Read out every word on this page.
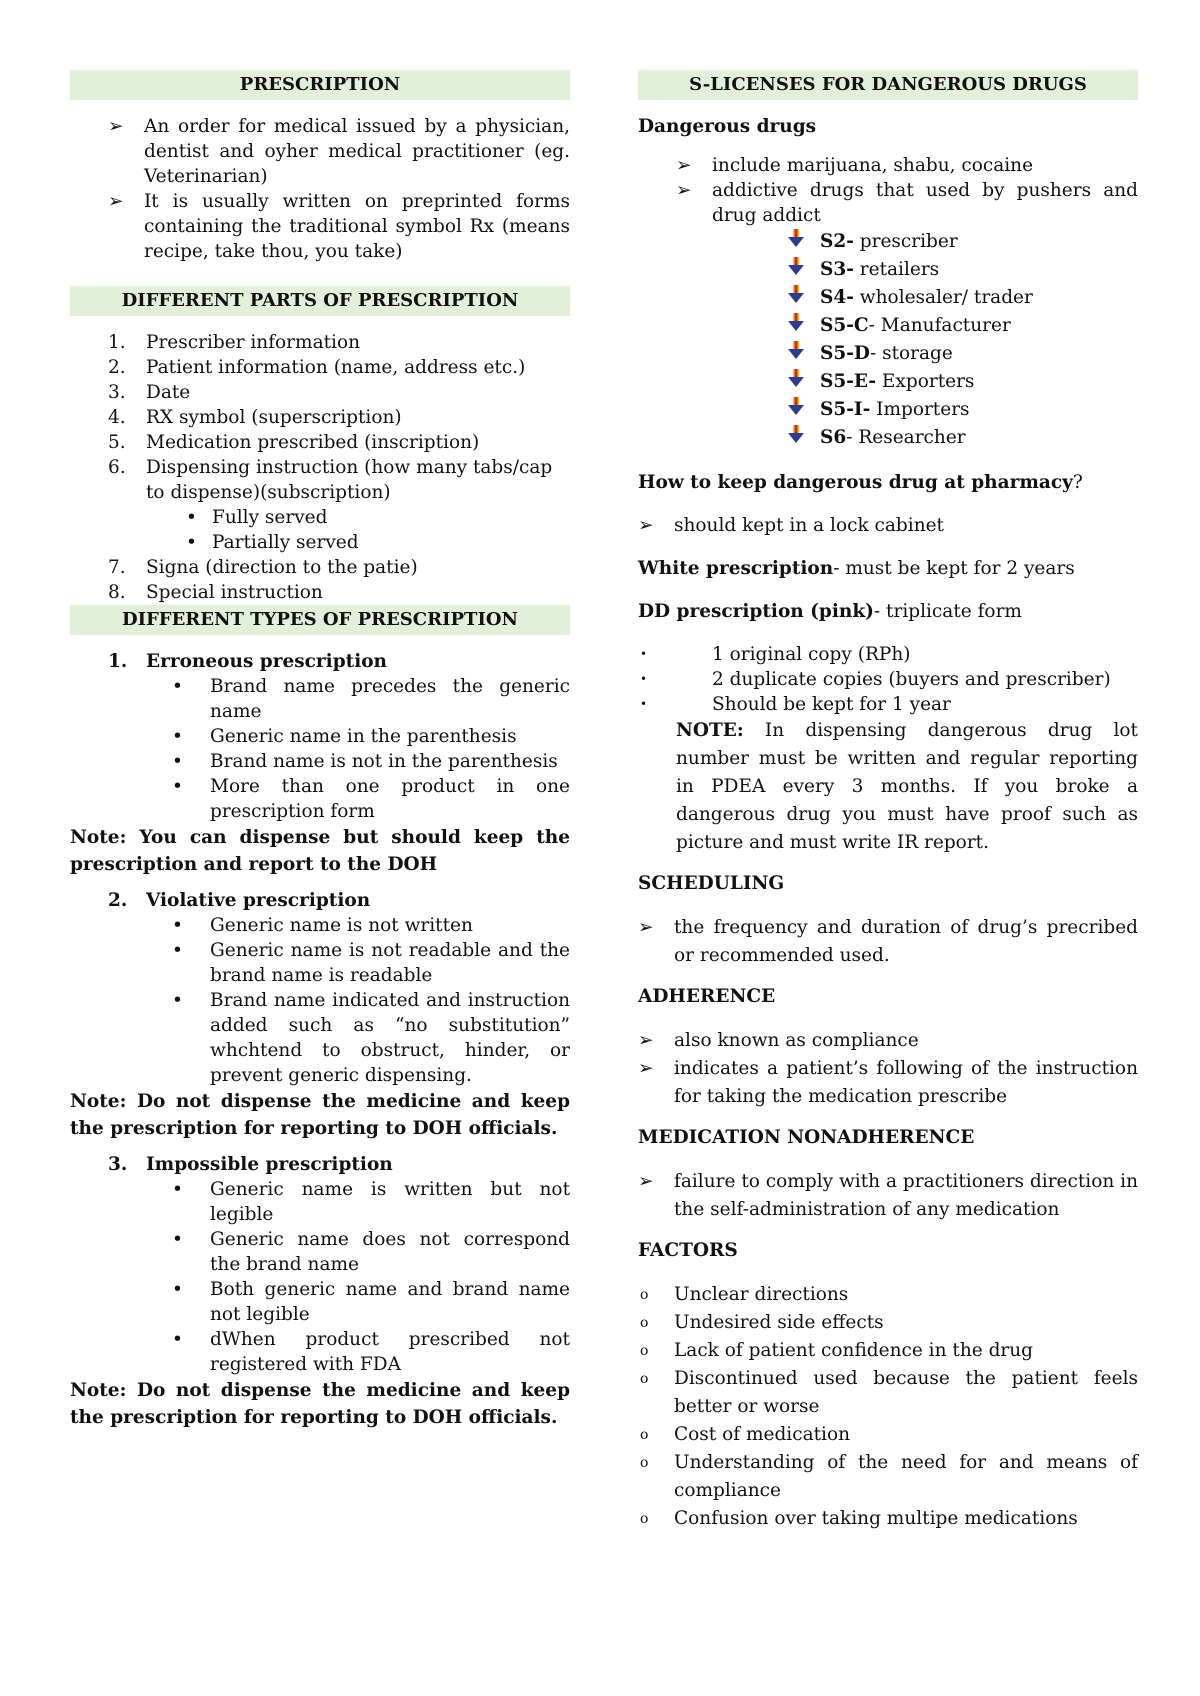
PRESCRIPTION
➢ An order for medical issued by a physician, dentist and oyher medical practitioner (eg. Veterinarian)
➢ It is usually written on preprinted forms containing the traditional symbol Rx (means recipe, take thou, you take)
DIFFERENT PARTS OF PRESCRIPTION
1.	Prescriber information
2.	Patient information (name, address etc.)
3.	Date
4.	RX symbol (superscription)
5.	Medication prescribed (inscription)
6.	Dispensing instruction (how many tabs/cap to dispense)(subscription)
• Fully served
• Partially served
7.	Signa (direction to the patie)
8.	Special instruction
DIFFERENT TYPES OF PRESCRIPTION
1.	Erroneous prescription
• Brand name precedes the generic name
• Generic name in the parenthesis
• Brand name is not in the parenthesis
• More than one product in one prescription form

Note: You can dispense but should keep the prescription and report to the DOH

2.	Violative prescription
• Generic name is not written
• Generic name is not readable and the brand name is readable
• Brand name indicated and instruction added such as “no substitution” whchtend to obstruct, hinder, or prevent generic dispensing.

Note: Do not dispense the medicine and keep the prescription for reporting to DOH officials.

3.	Impossible prescription
• Generic name is written but not legible
• Generic name does not correspond the brand name
• Both generic name and brand name not legible
• dWhen product prescribed not registered with FDA

Note: Do not dispense the medicine and keep the prescription for reporting to DOH officials.

S-LICENSES FOR DANGEROUS DRUGS

Dangerous drugs

➢ include marijuana, shabu, cocaine
➢ addictive drugs that used by pushers and drug addict
S2- prescriber
S3- retailers
S4- wholesaler/ trader
S5-C- Manufacturer
S5-D- storage
S5-E- Exporters
S5-I- Importers
S6- Researcher

How to keep dangerous drug at pharmacy?

➢ should kept in a lock cabinet

White prescription- must be kept for 2 years

DD prescription (pink)- triplicate form

•	1 original copy (RPh)
•	2 duplicate copies (buyers and prescriber)
•	Should be kept for 1 year

NOTE: In dispensing dangerous drug lot number must be written and regular reporting in PDEA every 3 months. If you broke a dangerous drug you must have proof such as picture and must write IR report.

SCHEDULING

➢ the frequency and duration of drug’s precribed or recommended used.

ADHERENCE

➢ also known as compliance
➢ indicates a patient’s following of the instruction for taking the medication prescribe

MEDICATION NONADHERENCE

➢ failure to comply with a practitioners direction in the self-administration of any medication

FACTORS

o Unclear directions
o Undesired side effects
o Lack of patient confidence in the drug
o Discontinued used because the patient feels better or worse
o Cost of medication
o Understanding of the need for and means of compliance
o Confusion over taking multipe medications
